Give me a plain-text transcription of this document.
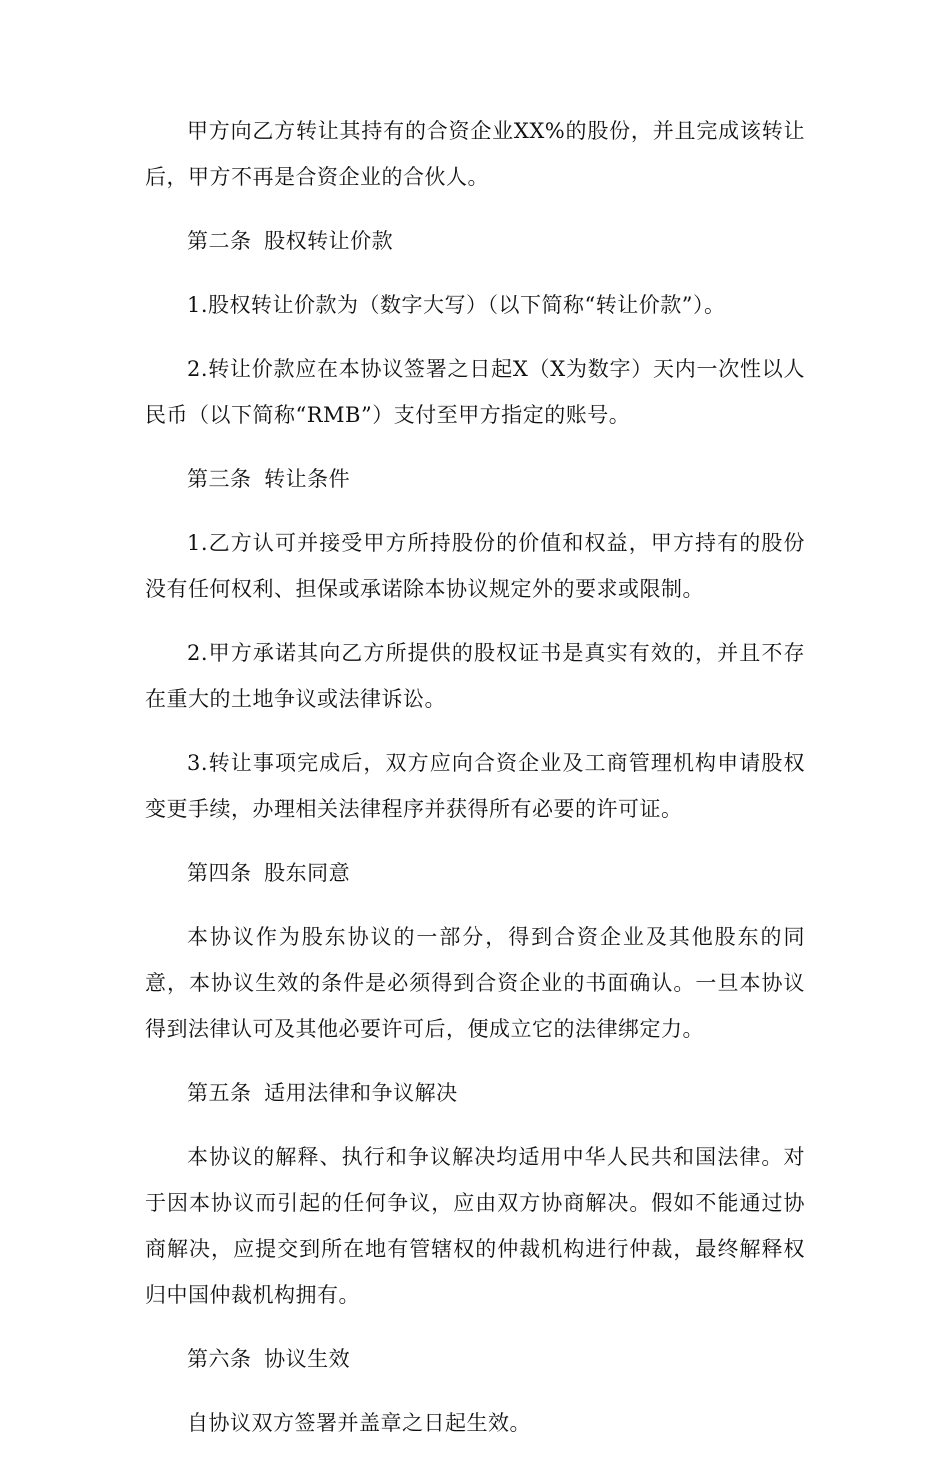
甲方向乙方转让其持有的合资企业XX%的股份，并且完成该转让后，甲方不再是合资企业的合伙人。

第二条 股权转让价款

1.股权转让价款为（数字大写）（以下简称“转让价款”）。

2.转让价款应在本协议签署之日起X（X为数字）天内一次性以人民币（以下简称“RMB”）支付至甲方指定的账号。

第三条 转让条件

1.乙方认可并接受甲方所持股份的价值和权益，甲方持有的股份没有任何权利、担保或承诺除本协议规定外的要求或限制。

2.甲方承诺其向乙方所提供的股权证书是真实有效的，并且不存在重大的土地争议或法律诉讼。

3.转让事项完成后，双方应向合资企业及工商管理机构申请股权变更手续，办理相关法律程序并获得所有必要的许可证。

第四条 股东同意

本协议作为股东协议的一部分，得到合资企业及其他股东的同意，本协议生效的条件是必须得到合资企业的书面确认。一旦本协议得到法律认可及其他必要许可后，便成立它的法律绑定力。

第五条 适用法律和争议解决

本协议的解释、执行和争议解决均适用中华人民共和国法律。对于因本协议而引起的任何争议，应由双方协商解决。假如不能通过协商解决，应提交到所在地有管辖权的仲裁机构进行仲裁，最终解释权归中国仲裁机构拥有。

第六条 协议生效

自协议双方签署并盖章之日起生效。
